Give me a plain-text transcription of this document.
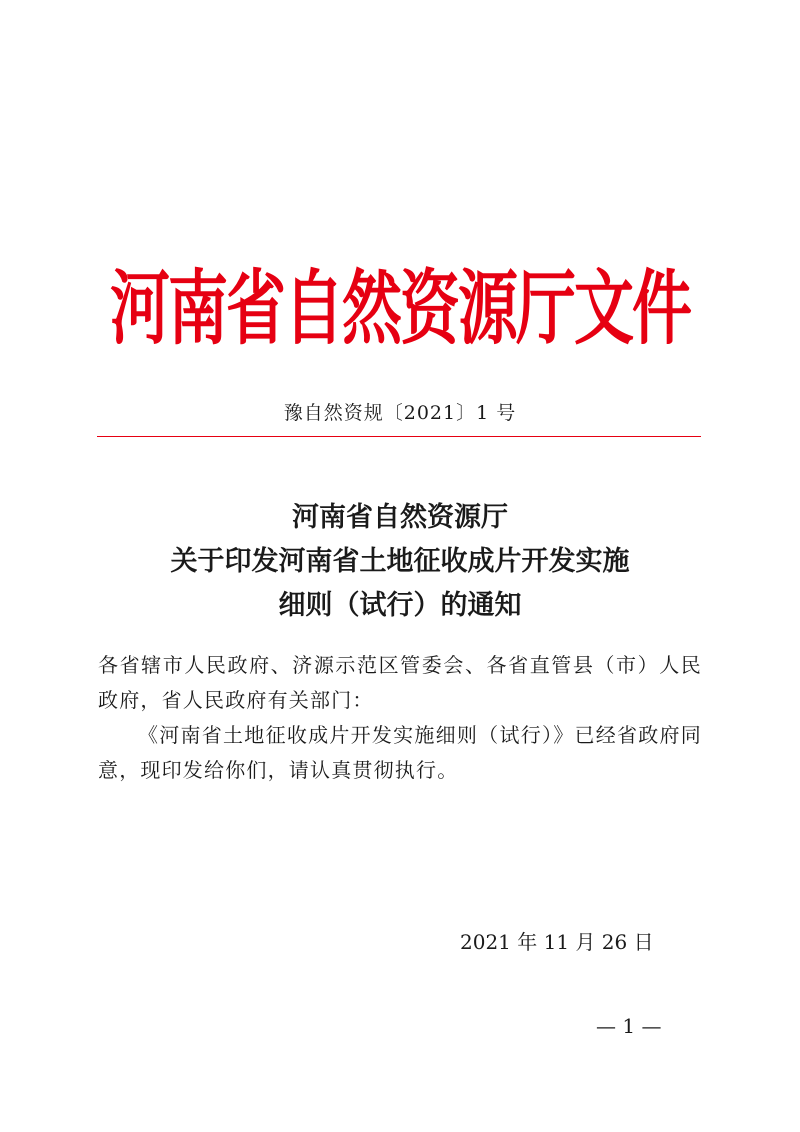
河南省自然资源厅文件
豫自然资规〔2021〕1 号
河南省自然资源厅
关于印发河南省土地征收成片开发实施
细则（试行）的通知

各省辖市人民政府、济源示范区管委会、各省直管县（市）人民政府，省人民政府有关部门：

《河南省土地征收成片开发实施细则（试行）》已经省政府同意，现印发给你们，请认真贯彻执行。

2021 年 11 月 26 日
— 1 —
